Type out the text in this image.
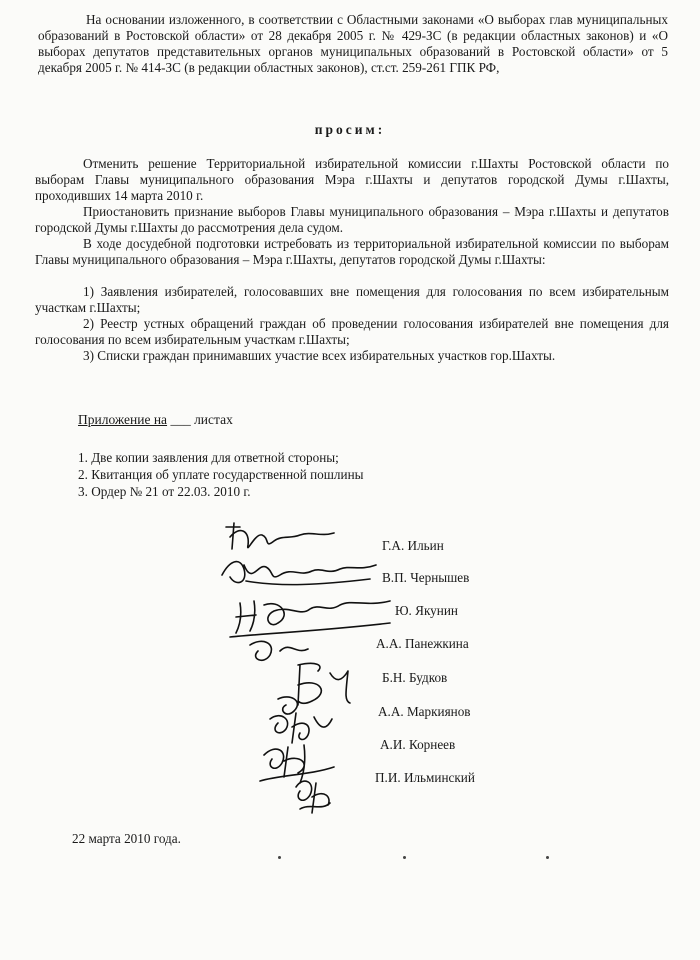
На основании изложенного, в соответствии с Областными законами «О выборах глав муниципальных образований в Ростовской области» от 28 декабря 2005 г. № 429-ЗС (в редакции областных законов) и «О выборах депутатов представительных органов муниципальных образований в Ростовской области» от 5 декабря 2005 г. № 414-ЗС (в редакции областных законов), ст.ст. 259-261 ГПК РФ,

просим:

Отменить решение Территориальной избирательной комиссии г.Шахты Ростовской области по выборам Главы муниципального образования Мэра г.Шахты и депутатов городской Думы г.Шахты, проходивших 14 марта 2010 г.

Приостановить признание выборов Главы муниципального образования – Мэра г.Шахты и депутатов городской Думы г.Шахты до рассмотрения дела судом.

В ходе досудебной подготовки истребовать из территориальной избирательной комиссии по выборам Главы муниципального образования – Мэра г.Шахты, депутатов городской Думы г.Шахты:

1) Заявления избирателей, голосовавших вне помещения для голосования по всем избирательным участкам г.Шахты;

2) Реестр устных обращений граждан об проведении голосования избирателей вне помещения для голосования по всем избирательным участкам г.Шахты;

3) Списки граждан принимавших участие всех избирательных участков гор.Шахты.

Приложение на ___ листах

1. Две копии заявления для ответной стороны;

2. Квитанция об уплате государственной пошлины

3. Ордер № 21 от 22.03. 2010 г.

Г.А. Ильин

В.П. Чернышев

Ю. Якунин

А.А. Панежкина

Б.Н. Будков

А.А. Маркиянов

А.И. Корнеев

П.И. Ильминский

22 марта 2010 года.
